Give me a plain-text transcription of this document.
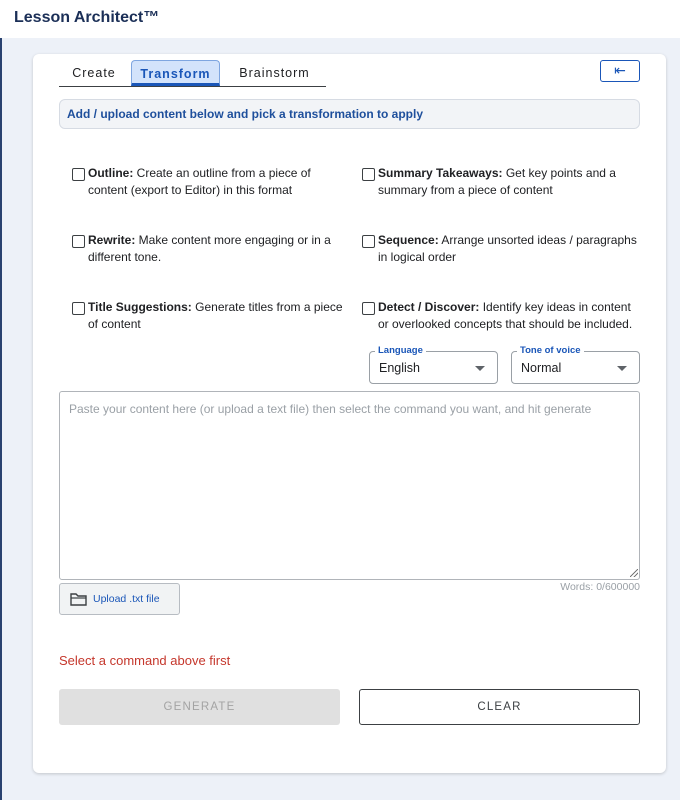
Lesson Architect™
Create	Transform	Brainstorm	⇤
Add / upload content below and pick a transformation to apply
Outline: Create an outline from a piece of content (export to Editor) in this format
Summary Takeaways: Get key points and a summary from a piece of content
Rewrite: Make content more engaging or in a different tone.
Sequence: Arrange unsorted ideas / paragraphs in logical order
Title Suggestions: Generate titles from a piece of content
Detect / Discover: Identify key ideas in content or overlooked concepts that should be included.
Language
English
Tone of voice
Normal
Paste your content here (or upload a text file) then select the command you want, and hit generate
Words: 0/600000
Upload .txt file
Select a command above first
GENERATE	CLEAR
